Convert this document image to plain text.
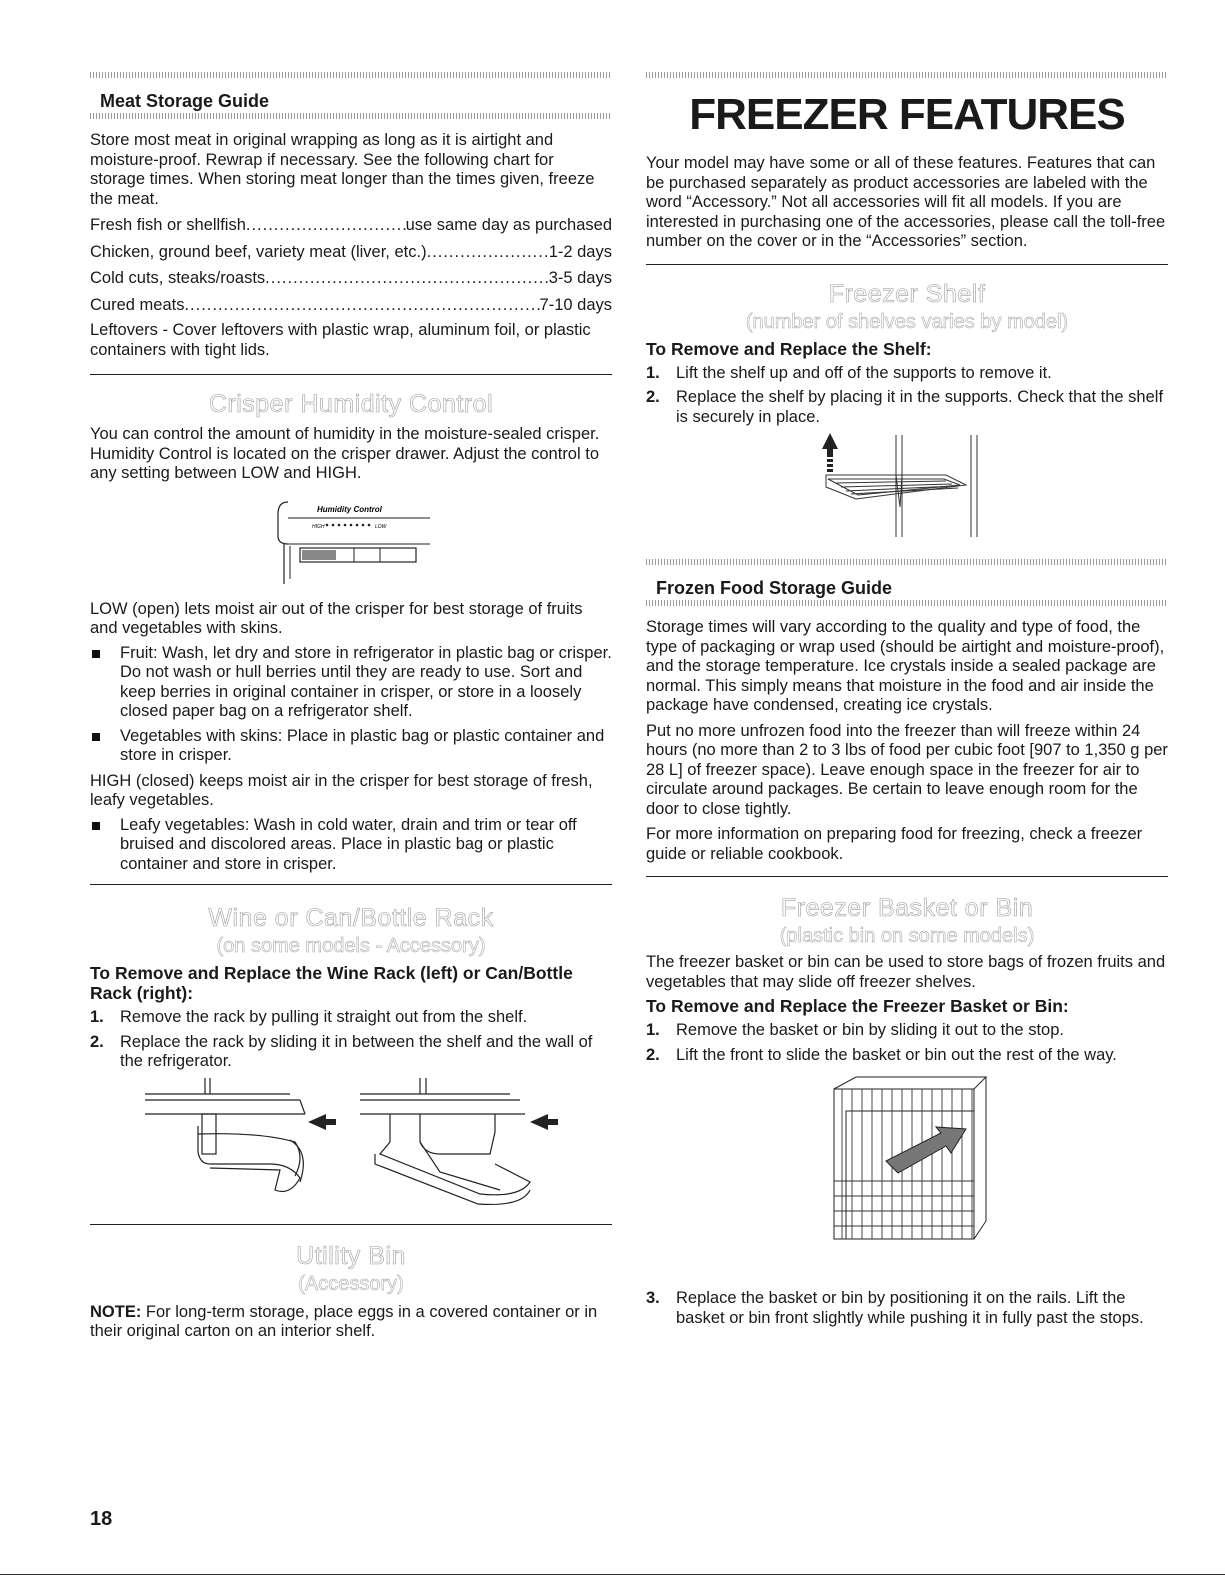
Meat Storage Guide

Store most meat in original wrapping as long as it is airtight and moisture-proof. Rewrap if necessary. See the following chart for storage times. When storing meat longer than the times given, freeze the meat.

Fresh fish or shellfish .....	use same day as purchased
Chicken, ground beef, variety meat (liver, etc.) .....	1-2 days
Cold cuts, steaks/roasts .....	3-5 days
Cured meats .....	7-10 days

Leftovers - Cover leftovers with plastic wrap, aluminum foil, or plastic containers with tight lids.

Crisper Humidity Control

You can control the amount of humidity in the moisture-sealed crisper. Humidity Control is located on the crisper drawer. Adjust the control to any setting between LOW and HIGH.

Humidity Control
HIGH	LOW

LOW (open) lets moist air out of the crisper for best storage of fruits and vegetables with skins.

Fruit: Wash, let dry and store in refrigerator in plastic bag or crisper. Do not wash or hull berries until they are ready to use. Sort and keep berries in original container in crisper, or store in a loosely closed paper bag on a refrigerator shelf.
Vegetables with skins: Place in plastic bag or plastic container and store in crisper.

HIGH (closed) keeps moist air in the crisper for best storage of fresh, leafy vegetables.

Leafy vegetables: Wash in cold water, drain and trim or tear off bruised and discolored areas. Place in plastic bag or plastic container and store in crisper.
Wine or Can/Bottle Rack
(on some models - Accessory)
To Remove and Replace the Wine Rack (left) or Can/Bottle Rack (right):
1. Remove the rack by pulling it straight out from the shelf.
2. Replace the rack by sliding it in between the shelf and the wall of the refrigerator.
Utility Bin
(Accessory)

NOTE: For long-term storage, place eggs in a covered container or in their original carton on an interior shelf.

FREEZER FEATURES

Your model may have some or all of these features. Features that can be purchased separately as product accessories are labeled with the word “Accessory.” Not all accessories will fit all models. If you are interested in purchasing one of the accessories, please call the toll-free number on the cover or in the “Accessories” section.

Freezer Shelf
(number of shelves varies by model)
To Remove and Replace the Shelf:
1. Lift the shelf up and off of the supports to remove it.
2. Replace the shelf by placing it in the supports. Check that the shelf is securely in place.
Frozen Food Storage Guide

Storage times will vary according to the quality and type of food, the type of packaging or wrap used (should be airtight and moisture-proof), and the storage temperature. Ice crystals inside a sealed package are normal. This simply means that moisture in the food and air inside the package have condensed, creating ice crystals.

Put no more unfrozen food into the freezer than will freeze within 24 hours (no more than 2 to 3 lbs of food per cubic foot [907 to 1,350 g per 28 L] of freezer space). Leave enough space in the freezer for air to circulate around packages. Be certain to leave enough room for the door to close tightly.

For more information on preparing food for freezing, check a freezer guide or reliable cookbook.

Freezer Basket or Bin
(plastic bin on some models)

The freezer basket or bin can be used to store bags of frozen fruits and vegetables that may slide off freezer shelves.

To Remove and Replace the Freezer Basket or Bin:
1. Remove the basket or bin by sliding it out to the stop.
2. Lift the front to slide the basket or bin out the rest of the way.
3. Replace the basket or bin by positioning it on the rails. Lift the basket or bin front slightly while pushing it in fully past the stops.
18
